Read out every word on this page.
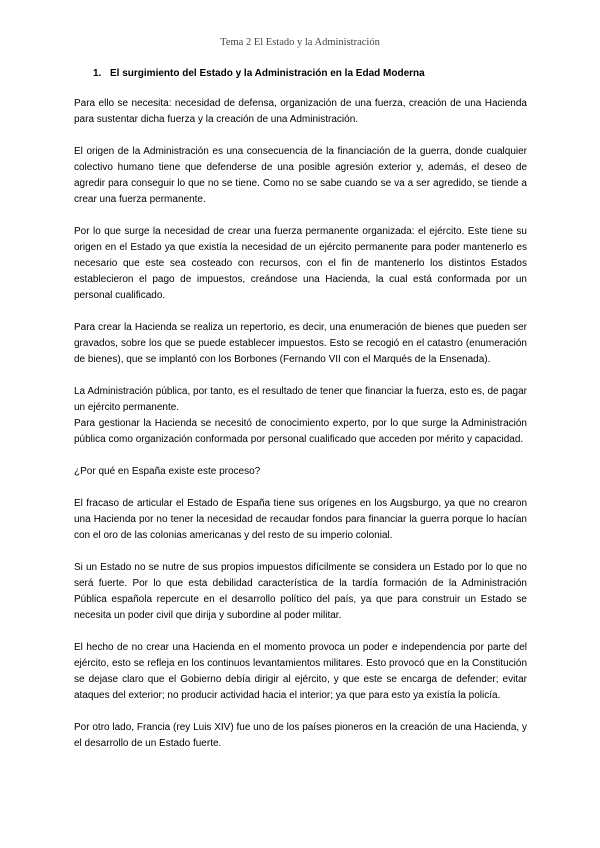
Tema 2 El Estado y la Administración
1. El surgimiento del Estado y la Administración en la Edad Moderna

Para ello se necesita: necesidad de defensa, organización de una fuerza, creación de una Hacienda para sustentar dicha fuerza y la creación de una Administración.

El origen de la Administración es una consecuencia de la financiación de la guerra, donde cualquier colectivo humano tiene que defenderse de una posible agresión exterior y, además, el deseo de agredir para conseguir lo que no se tiene. Como no se sabe cuando se va a ser agredido, se tiende a crear una fuerza permanente.

Por lo que surge la necesidad de crear una fuerza permanente organizada: el ejército. Este tiene su origen en el Estado ya que existía la necesidad de un ejército permanente para poder mantenerlo es necesario que este sea costeado con recursos, con el fin de mantenerlo los distintos Estados establecieron el pago de impuestos, creándose una Hacienda, la cual está conformada por un personal cualificado.

Para crear la Hacienda se realiza un repertorio, es decir, una enumeración de bienes que pueden ser gravados, sobre los que se puede establecer impuestos. Esto se recogió en el catastro (enumeración de bienes), que se implantó con los Borbones (Fernando VII con el Marqués de la Ensenada).

La Administración pública, por tanto, es el resultado de tener que financiar la fuerza, esto es, de pagar un ejército permanente.

Para gestionar la Hacienda se necesitó de conocimiento experto, por lo que surge la Administración pública como organización conformada por personal cualificado que acceden por mérito y capacidad.

¿Por qué en España existe este proceso?

El fracaso de articular el Estado de España tiene sus orígenes en los Augsburgo, ya que no crearon una Hacienda por no tener la necesidad de recaudar fondos para financiar la guerra porque lo hacían con el oro de las colonias americanas y del resto de su imperio colonial.

Si un Estado no se nutre de sus propios impuestos difícilmente se considera un Estado por lo que no será fuerte. Por lo que esta debilidad característica de la tardía formación de la Administración Pública española repercute en el desarrollo político del país, ya que para construir un Estado se necesita un poder civil que dirija y subordine al poder militar.

El hecho de no crear una Hacienda en el momento provoca un poder e independencia por parte del ejército, esto se refleja en los continuos levantamientos militares. Esto provocó que en la Constitución se dejase claro que el Gobierno debía dirigir al ejército, y que este se encarga de defender; evitar ataques del exterior; no producir actividad hacia el interior; ya que para esto ya existía la policía.

Por otro lado, Francia (rey Luis XIV) fue uno de los países pioneros en la creación de una Hacienda, y el desarrollo de un Estado fuerte.
